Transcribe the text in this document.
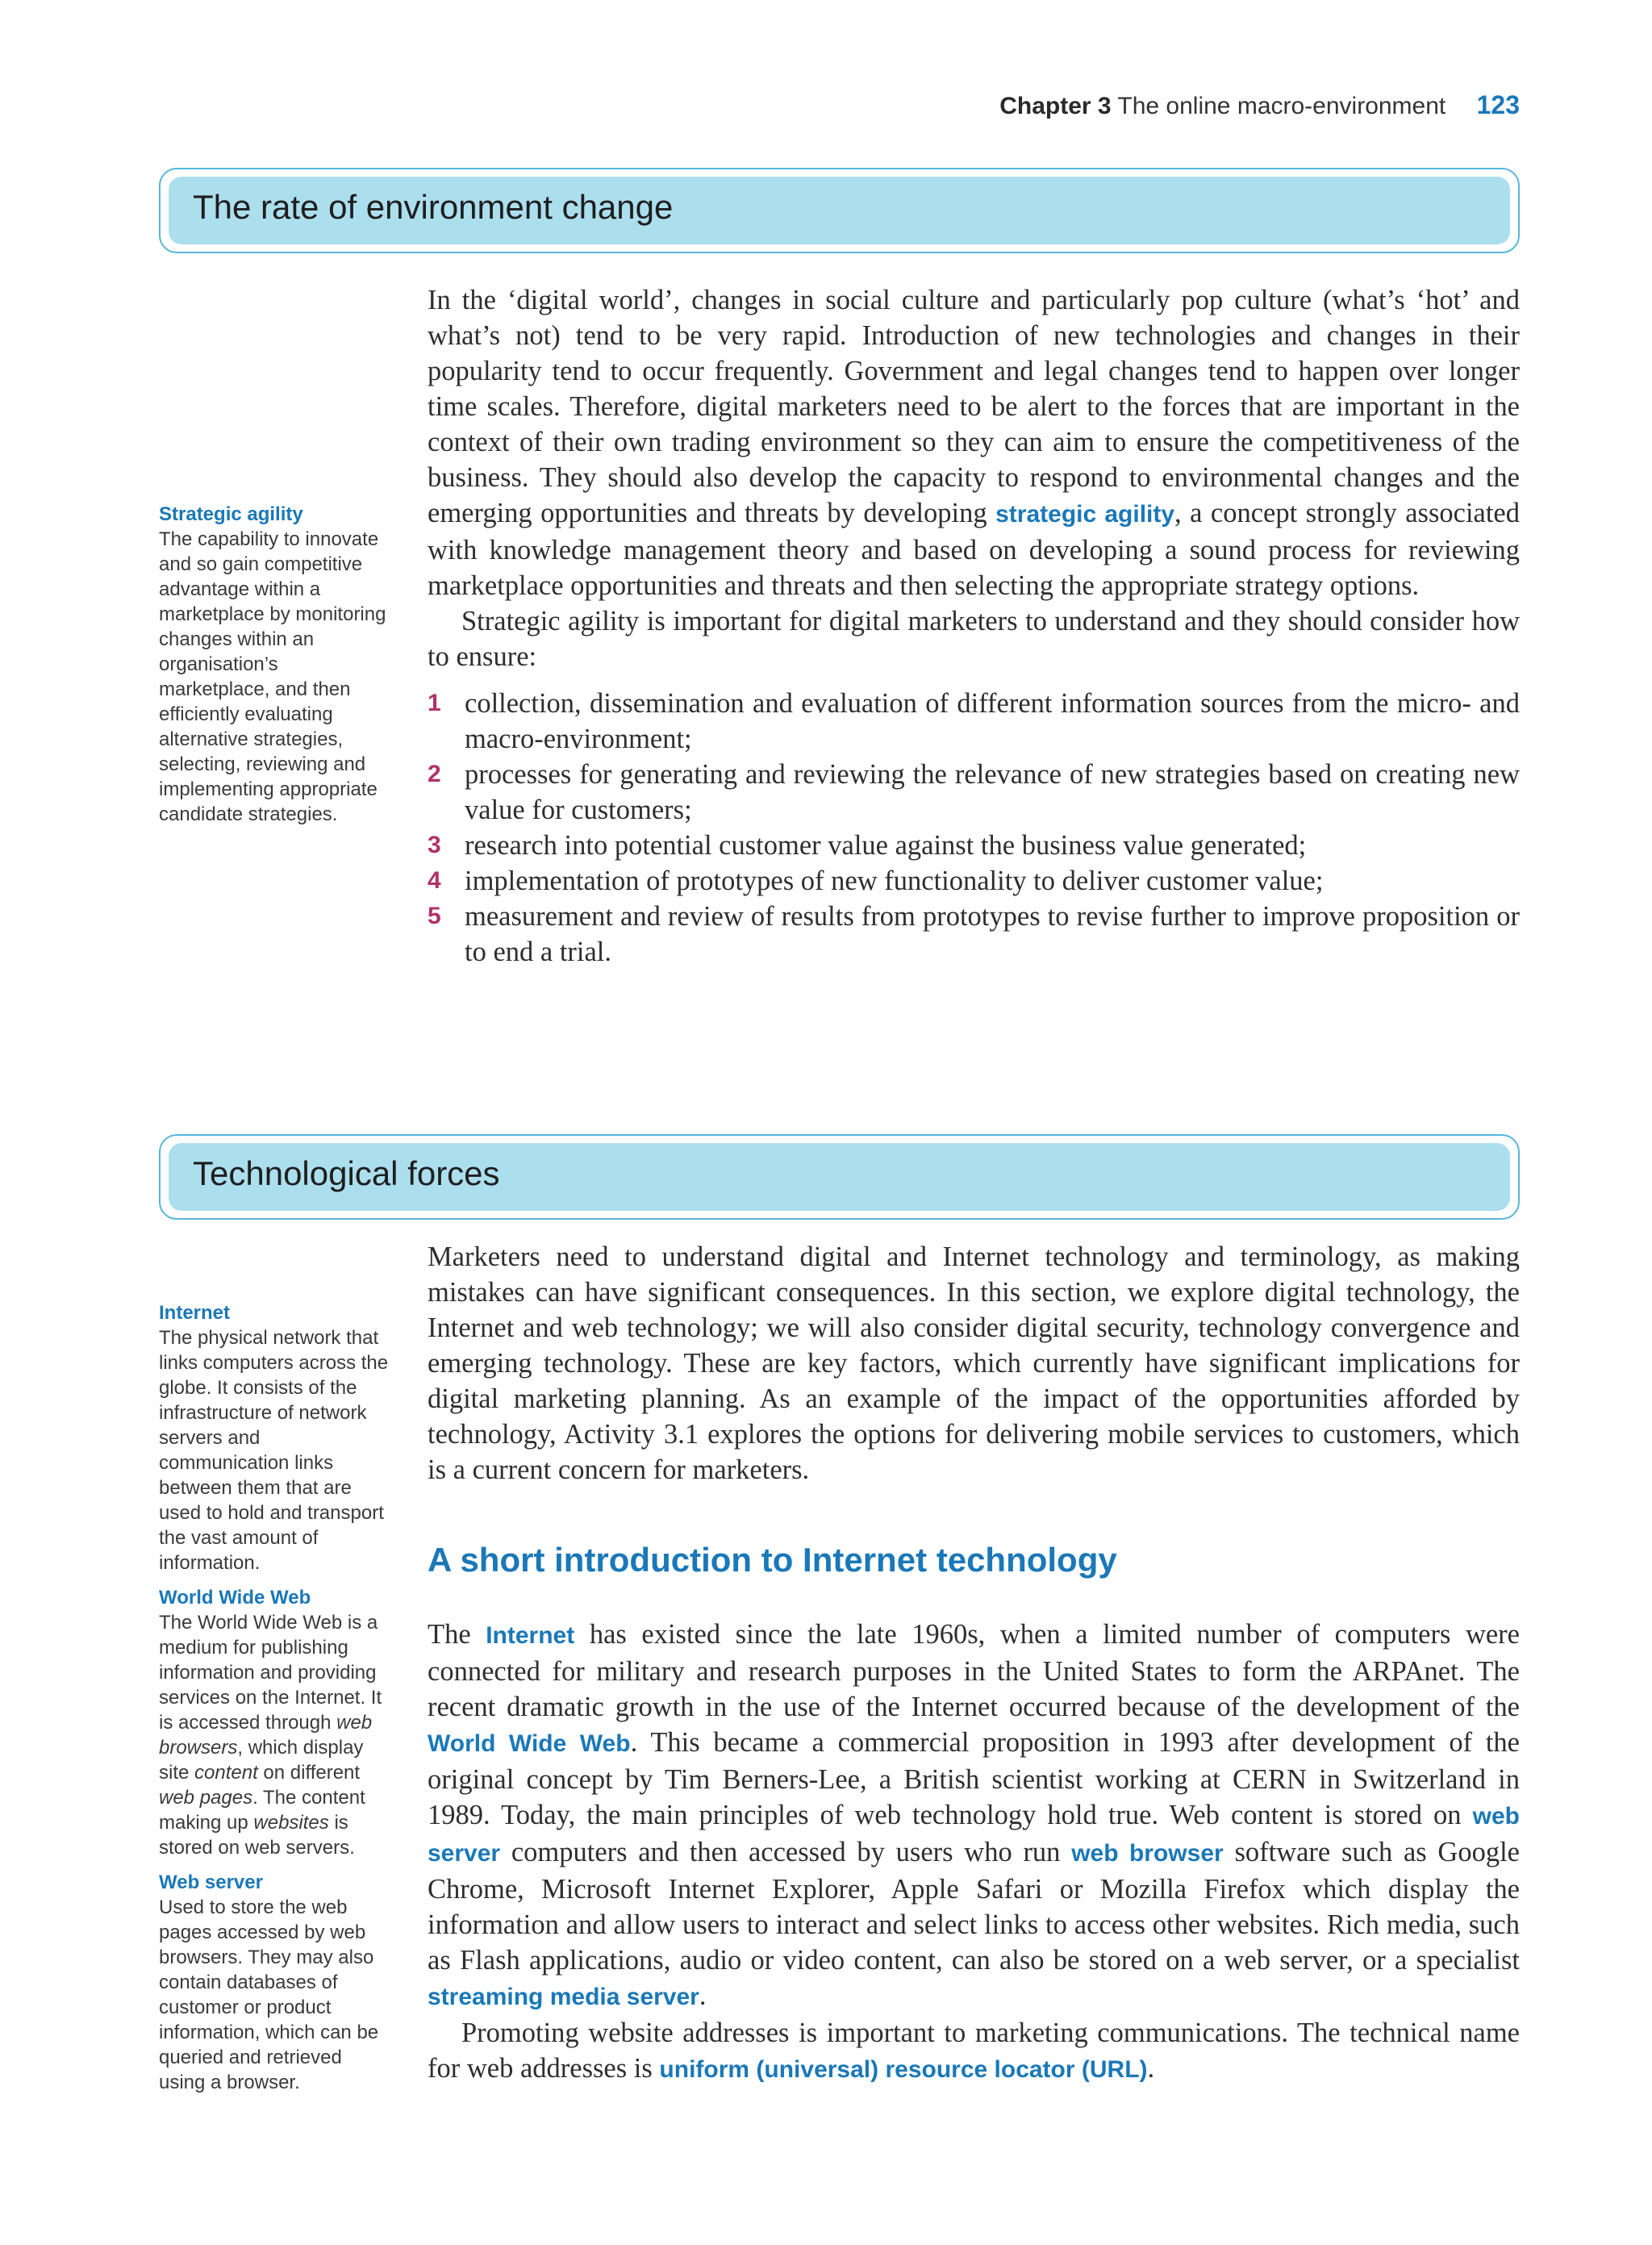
Chapter 3 The online macro-environment 123
The rate of environment change
Strategic agility
The capability to innovate and so gain competitive advantage within a marketplace by monitoring changes within an organisation’s marketplace, and then efficiently evaluating alternative strategies, selecting, reviewing and implementing appropriate candidate strategies.

In the ‘digital world’, changes in social culture and particularly pop culture (what’s ‘hot’ and what’s not) tend to be very rapid. Introduction of new technologies and changes in their popularity tend to occur frequently. Government and legal changes tend to happen over longer time scales. Therefore, digital marketers need to be alert to the forces that are important in the context of their own trading environment so they can aim to ensure the competitiveness of the business. They should also develop the capacity to respond to environmental changes and the emerging opportunities and threats by developing strategic agility, a concept strongly associated with knowledge management theory and based on developing a sound process for reviewing marketplace opportunities and threats and then selecting the appropriate strategy options.

Strategic agility is important for digital marketers to understand and they should consider how to ensure:

1 collection, dissemination and evaluation of different information sources from the micro- and macro-environment;
2 processes for generating and reviewing the relevance of new strategies based on creating new value for customers;
3 research into potential customer value against the business value generated;
4 implementation of prototypes of new functionality to deliver customer value;
5 measurement and review of results from prototypes to revise further to improve proposition or to end a trial.
Technological forces
Internet
The physical network that links computers across the globe. It consists of the infrastructure of network servers and communication links between them that are used to hold and transport the vast amount of information.
World Wide Web
The World Wide Web is a medium for publishing information and providing services on the Internet. It is accessed through web browsers, which display site content on different web pages. The content making up websites is stored on web servers.
Web server
Used to store the web pages accessed by web browsers. They may also contain databases of customer or product information, which can be queried and retrieved using a browser.

Marketers need to understand digital and Internet technology and terminology, as making mistakes can have significant consequences. In this section, we explore digital technology, the Internet and web technology; we will also consider digital security, technology convergence and emerging technology. These are key factors, which currently have significant implications for digital marketing planning. As an example of the impact of the opportunities afforded by technology, Activity 3.1 explores the options for delivering mobile services to customers, which is a current concern for marketers.

A short introduction to Internet technology

The Internet has existed since the late 1960s, when a limited number of computers were connected for military and research purposes in the United States to form the ARPAnet. The recent dramatic growth in the use of the Internet occurred because of the development of the World Wide Web. This became a commercial proposition in 1993 after development of the original concept by Tim Berners-Lee, a British scientist working at CERN in Switzerland in 1989. Today, the main principles of web technology hold true. Web content is stored on web server computers and then accessed by users who run web browser software such as Google Chrome, Microsoft Internet Explorer, Apple Safari or Mozilla Firefox which display the information and allow users to interact and select links to access other websites. Rich media, such as Flash applications, audio or video content, can also be stored on a web server, or a specialist streaming media server.

Promoting website addresses is important to marketing communications. The technical name for web addresses is uniform (universal) resource locator (URL).
